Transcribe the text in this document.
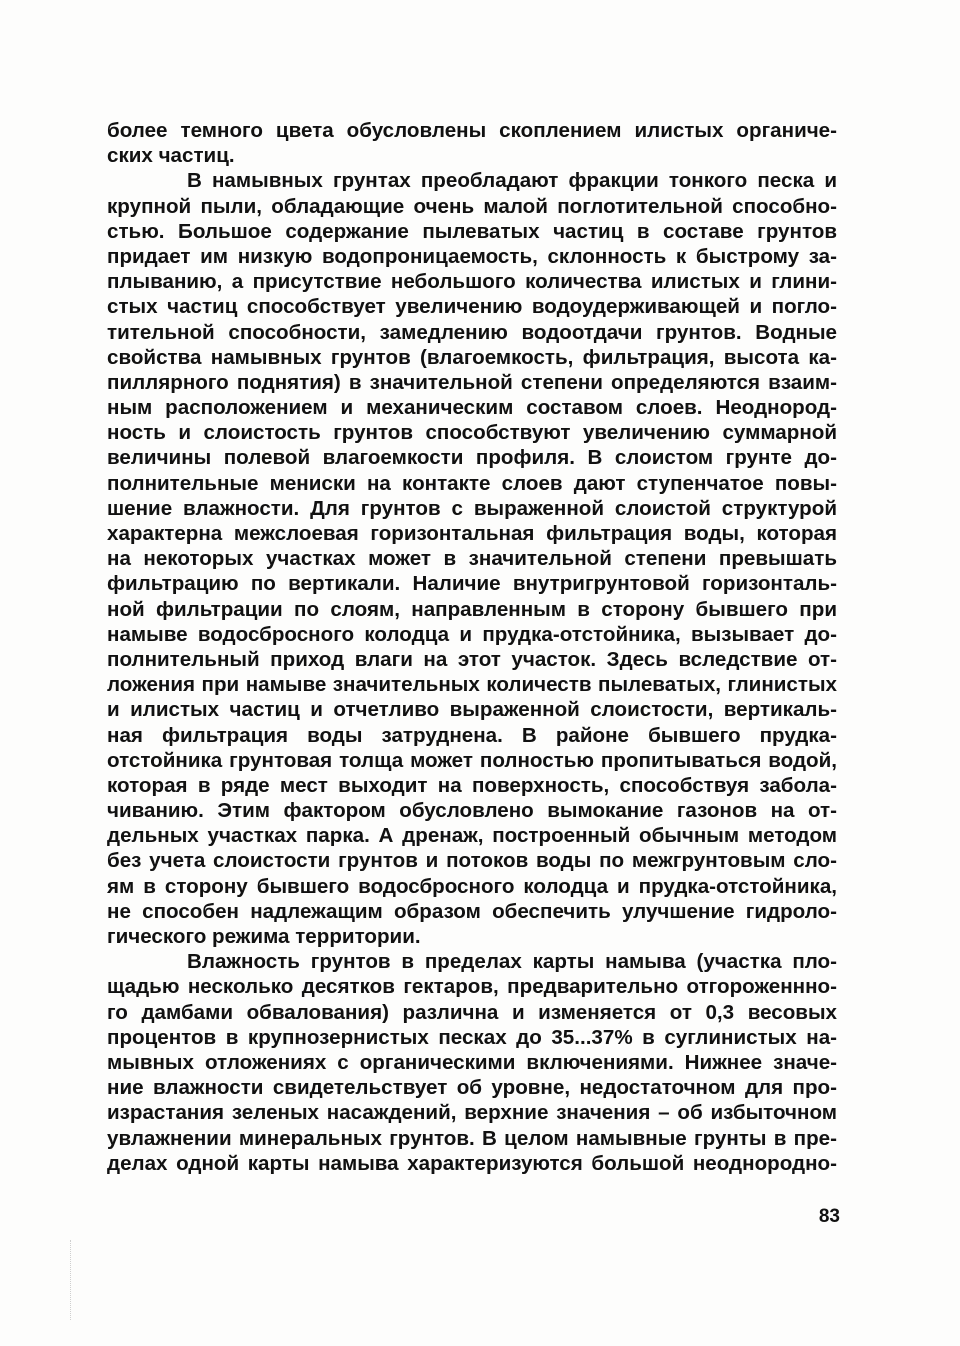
более темного цвета обусловлены скоплением илистых органиче-
ских частиц.
В намывных грунтах преобладают фракции тонкого песка и
крупной пыли, обладающие очень малой поглотительной способно-
стью. Большое содержание пылеватых частиц в составе грунтов
придает им низкую водопроницаемость, склонность к быстрому за-
плыванию, а присутствие небольшого количества илистых и глини-
стых частиц способствует увеличению водоудерживающей и погло-
тительной способности, замедлению водоотдачи грунтов. Водные
свойства намывных грунтов (влагоемкость, фильтрация, высота ка-
пиллярного поднятия) в значительной степени определяются взаим-
ным расположением и механическим составом слоев. Неоднород-
ность и слоистость грунтов способствуют увеличению суммарной
величины полевой влагоемкости профиля. В слоистом грунте до-
полнительные мениски на контакте слоев дают ступенчатое повы-
шение влажности. Для грунтов с выраженной слоистой структурой
характерна межслоевая горизонтальная фильтрация воды, которая
на некоторых участках может в значительной степени превышать
фильтрацию по вертикали. Наличие внутригрунтовой горизонталь-
ной фильтрации по слоям, направленным в сторону бывшего при
намыве водосбросного колодца и прудка-отстойника, вызывает до-
полнительный приход влаги на этот участок. Здесь вследствие от-
ложения при намыве значительных количеств пылеватых, глинистых
и илистых частиц и отчетливо выраженной слоистости, вертикаль-
ная фильтрация воды затруднена. В районе бывшего прудка-
отстойника грунтовая толща может полностью пропитываться водой,
которая в ряде мест выходит на поверхность, способствуя забола-
чиванию. Этим фактором обусловлено вымокание газонов на от-
дельных участках парка. А дренаж, построенный обычным методом
без учета слоистости грунтов и потоков воды по межгрунтовым сло-
ям в сторону бывшего водосбросного колодца и прудка-отстойника,
не способен надлежащим образом обеспечить улучшение гидроло-
гического режима территории.
Влажность грунтов в пределах карты намыва (участка пло-
щадью несколько десятков гектаров, предварительно отгороженнно-
го дамбами обвалования) различна и изменяется от 0,3 весовых
процентов в крупнозернистых песках до 35...37% в суглинистых на-
мывных отложениях с органическими включениями. Нижнее значе-
ние влажности свидетельствует об уровне, недостаточном для про-
израстания зеленых насаждений, верхние значения – об избыточном
увлажнении минеральных грунтов. В целом намывные грунты в пре-
делах одной карты намыва характеризуются большой неоднородно-
83
